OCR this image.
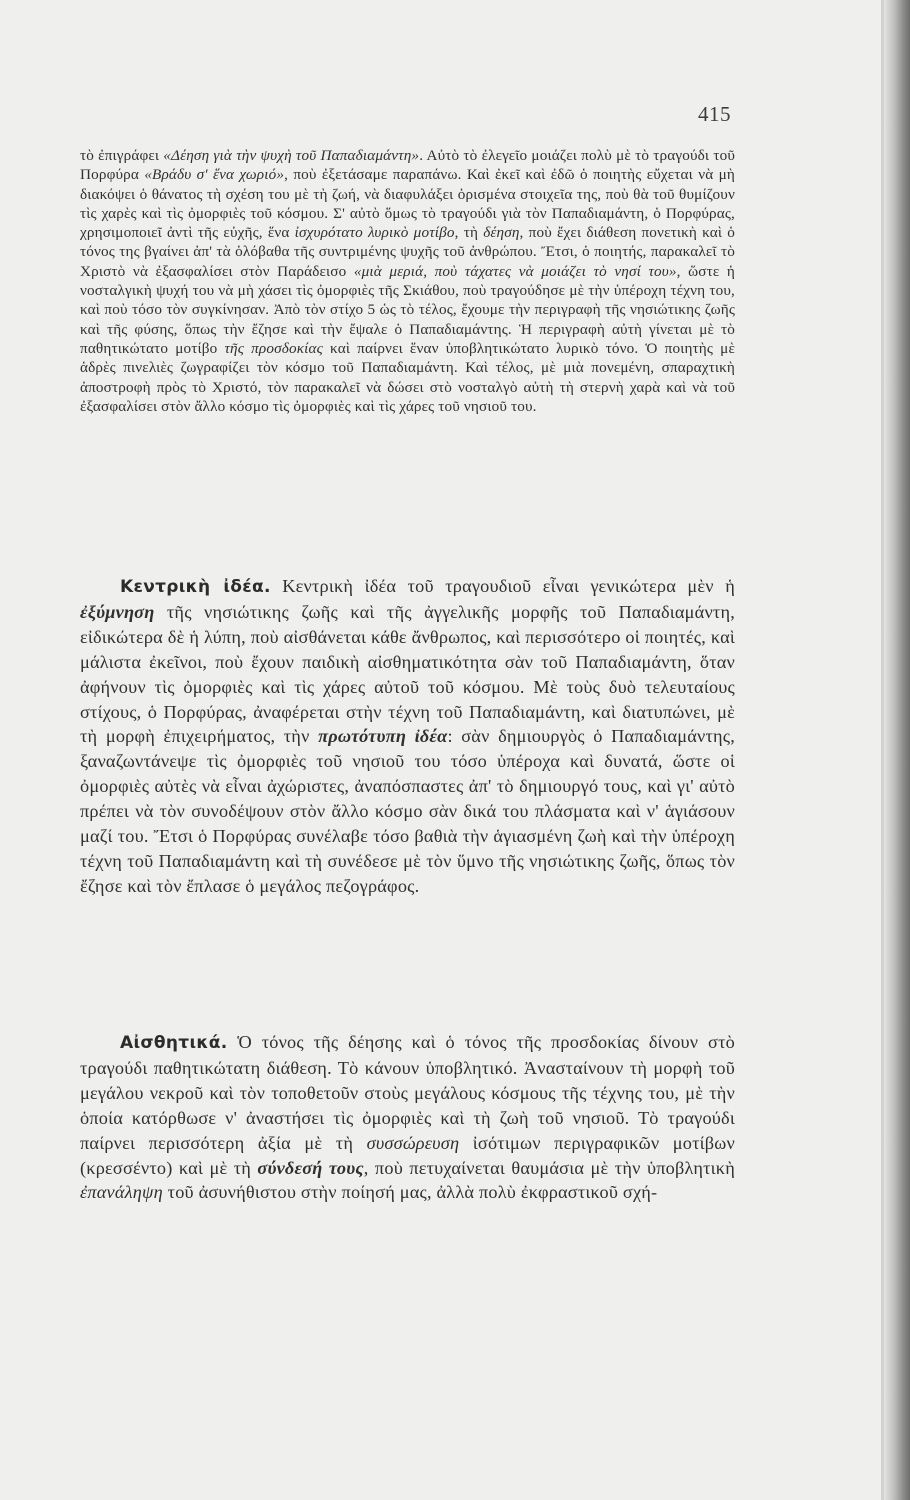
415

τὸ ἐπιγράφει «Δέηση γιὰ τὴν ψυχὴ τοῦ Παπαδιαμάντη». Αὐτὸ τὸ ἐλεγεῖο μοιάζει πολὺ μὲ τὸ τραγούδι τοῦ Πορφύρα «Βράδυ σ' ἕνα χωριό», ποὺ ἐξετάσαμε παραπάνω. Καὶ ἐκεῖ καὶ ἐδῶ ὁ ποιητὴς εὔχεται νὰ μὴ διακόψει ὁ θάνατος τὴ σχέση του μὲ τὴ ζωή, νὰ διαφυλάξει ὁρισμένα στοιχεῖα της, ποὺ θὰ τοῦ θυμίζουν τὶς χαρὲς καὶ τὶς ὀμορφιὲς τοῦ κόσμου. Σ' αὐτὸ ὅμως τὸ τραγούδι γιὰ τὸν Παπαδιαμάντη, ὁ Πορφύρας, χρησιμοποιεῖ ἀντὶ τῆς εὐχῆς, ἕνα ἰσχυρότατο λυρικὸ μοτίβο, τὴ δέηση, ποὺ ἔχει διάθεση πονετικὴ καὶ ὁ τόνος της βγαίνει ἀπ' τὰ ὁλόβαθα τῆς συντριμένης ψυχῆς τοῦ ἀνθρώπου. Ἔτσι, ὁ ποιητής, παρακαλεῖ τὸ Χριστὸ νὰ ἐξασφαλίσει στὸν Παράδεισο «μιὰ μεριά, ποὺ τάχατες νὰ μοιάζει τὸ νησί του», ὥστε ἡ νοσταλγικὴ ψυχή του νὰ μὴ χάσει τὶς ὀμορφιὲς τῆς Σκιάθου, ποὺ τραγούδησε μὲ τὴν ὑπέροχη τέχνη του, καὶ ποὺ τόσο τὸν συγκίνησαν. Ἀπὸ τὸν στίχο 5 ὡς τὸ τέλος, ἔχουμε τὴν περιγραφὴ τῆς νησιώτικης ζωῆς καὶ τῆς φύσης, ὅπως τὴν ἔζησε καὶ τὴν ἔψαλε ὁ Παπαδιαμάντης. Ἡ περιγραφὴ αὐτὴ γίνεται μὲ τὸ παθητικώτατο μοτίβο τῆς προσδοκίας καὶ παίρνει ἕναν ὑποβλητικώτατο λυρικὸ τόνο. Ὁ ποιητὴς μὲ ἁδρὲς πινελιὲς ζωγραφίζει τὸν κόσμο τοῦ Παπαδιαμάντη. Καὶ τέλος, μὲ μιὰ πονεμένη, σπαραχτικὴ ἀποστροφὴ πρὸς τὸ Χριστό, τὸν παρακαλεῖ νὰ δώσει στὸ νοσταλγὸ αὐτὴ τὴ στερνὴ χαρὰ καὶ νὰ τοῦ ἐξασφαλίσει στὸν ἄλλο κόσμο τὶς ὀμορφιὲς καὶ τὶς χάρες τοῦ νησιοῦ του.

Κεντρικὴ ἰδέα. Κεντρικὴ ἰδέα τοῦ τραγουδιοῦ εἶναι γενικώτερα μὲν ἡ ἐξύμνηση τῆς νησιώτικης ζωῆς καὶ τῆς ἀγγελικῆς μορφῆς τοῦ Παπαδιαμάντη, εἰδικώτερα δὲ ἡ λύπη, ποὺ αἰσθάνεται κάθε ἄνθρωπος, καὶ περισσότερο οἱ ποιητές, καὶ μάλιστα ἐκεῖνοι, ποὺ ἔχουν παιδικὴ αἰσθηματικότητα σὰν τοῦ Παπαδιαμάντη, ὅταν ἀφήνουν τὶς ὀμορφιὲς καὶ τὶς χάρες αὐτοῦ τοῦ κόσμου. Μὲ τοὺς δυὸ τελευταίους στίχους, ὁ Πορφύρας, ἀναφέρεται στὴν τέχνη τοῦ Παπαδιαμάντη, καὶ διατυπώνει, μὲ τὴ μορφὴ ἐπιχειρήματος, τὴν πρωτότυπη ἰδέα: σὰν δημιουργὸς ὁ Παπαδιαμάντης, ξαναζωντάνεψε τὶς ὀμορφιὲς τοῦ νησιοῦ του τόσο ὑπέροχα καὶ δυνατά, ὥστε οἱ ὀμορφιὲς αὐτὲς νὰ εἶναι ἀχώριστες, ἀναπόσπαστες ἀπ' τὸ δημιουργό τους, καὶ γι' αὐτὸ πρέπει νὰ τὸν συνοδέψουν στὸν ἄλλο κόσμο σὰν δικά του πλάσματα καὶ ν' ἁγιάσουν μαζί του. Ἔτσι ὁ Πορφύρας συνέλαβε τόσο βαθιὰ τὴν ἁγιασμένη ζωὴ καὶ τὴν ὑπέροχη τέχνη τοῦ Παπαδιαμάντη καὶ τὴ συνέδεσε μὲ τὸν ὕμνο τῆς νησιώτικης ζωῆς, ὅπως τὸν ἔζησε καὶ τὸν ἔπλασε ὁ μεγάλος πεζογράφος.

Αἰσθητικά. Ὁ τόνος τῆς δέησης καὶ ὁ τόνος τῆς προσδοκίας δίνουν στὸ τραγούδι παθητικώτατη διάθεση. Τὸ κάνουν ὑποβλητικό. Ἀνασταίνουν τὴ μορφὴ τοῦ μεγάλου νεκροῦ καὶ τὸν τοποθετοῦν στοὺς μεγάλους κόσμους τῆς τέχνης του, μὲ τὴν ὁποία κατόρθωσε ν' ἀναστήσει τὶς ὀμορφιὲς καὶ τὴ ζωὴ τοῦ νησιοῦ. Τὸ τραγούδι παίρνει περισσότερη ἀξία μὲ τὴ συσσώρευση ἰσότιμων περιγραφικῶν μοτίβων (κρεσσέντο) καὶ μὲ τὴ σύνδεσή τους, ποὺ πετυχαίνεται θαυμάσια μὲ τὴν ὑποβλητικὴ ἐπανάληψη τοῦ ἀσυνήθιστου στὴν ποίησή μας, ἀλλὰ πολὺ ἐκφραστικοῦ σχή-
